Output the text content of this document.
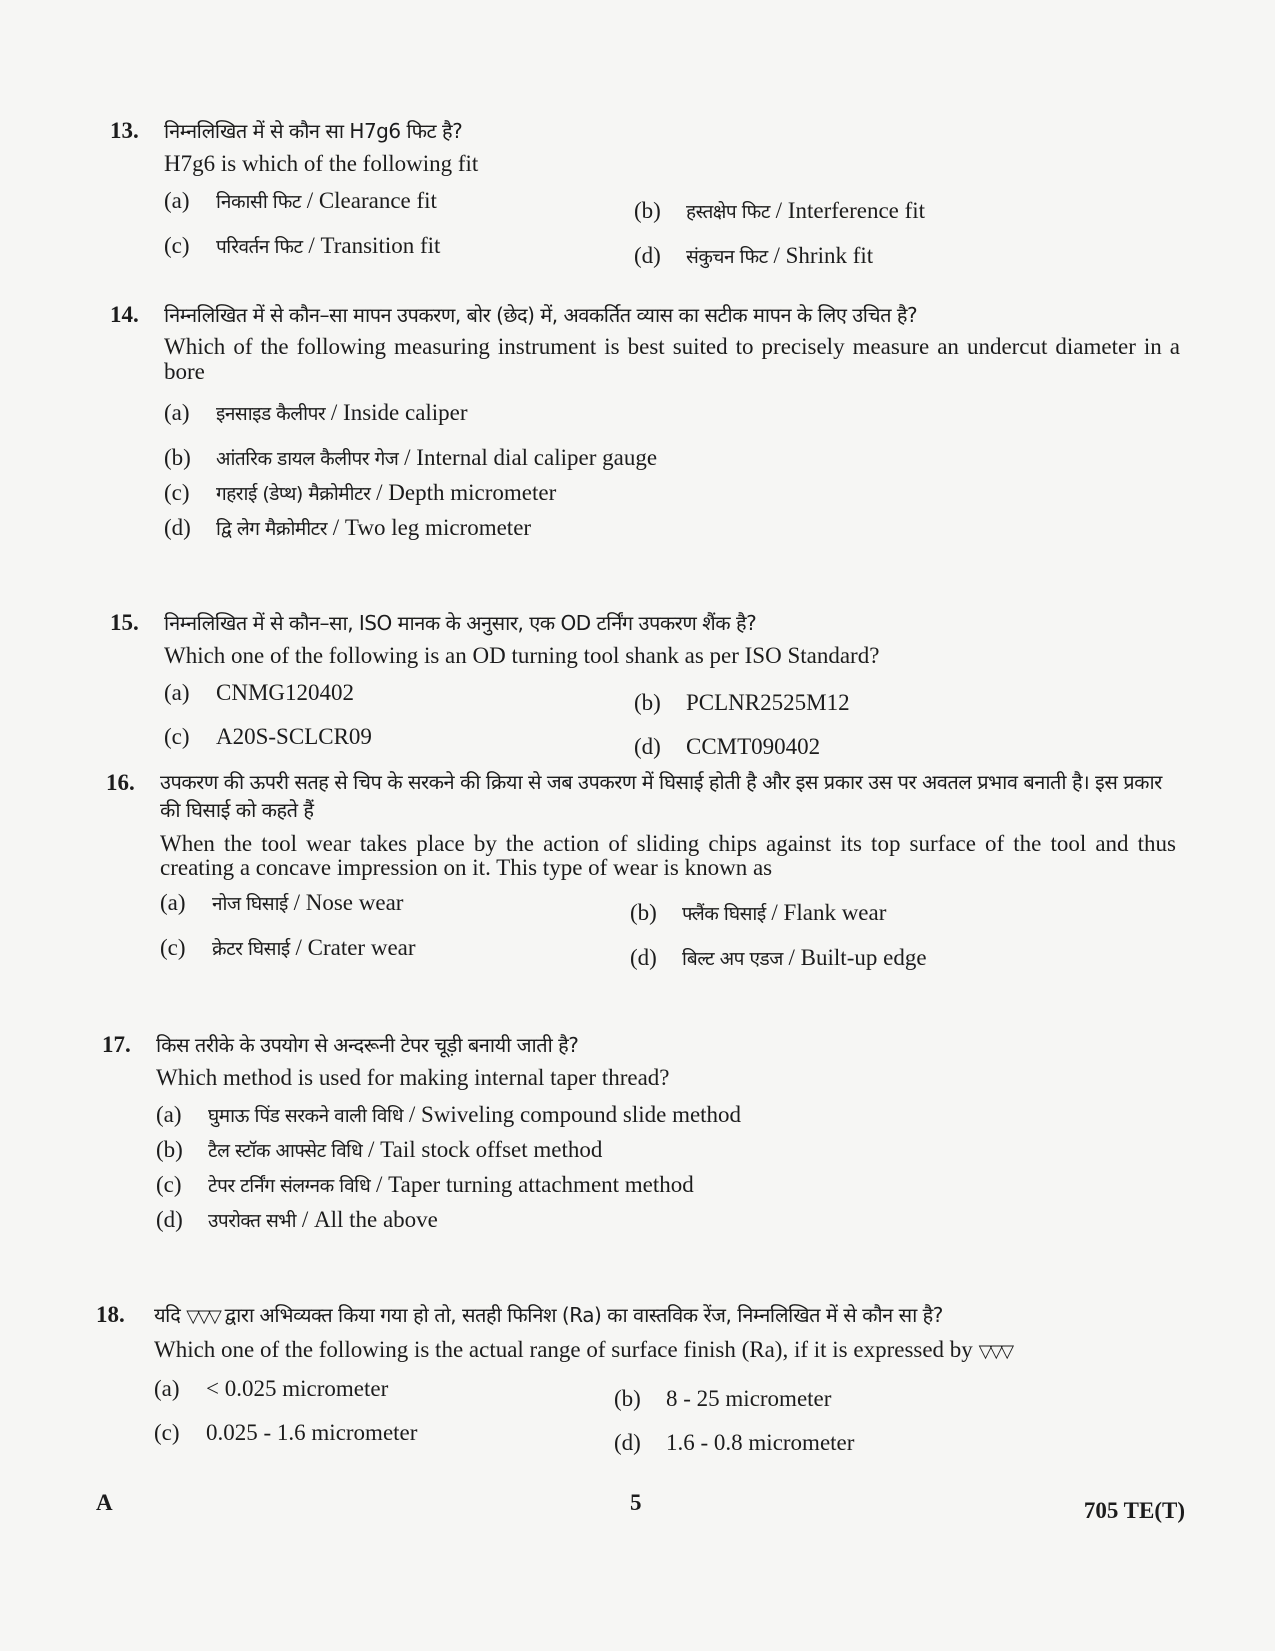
13. निम्नलिखित में से कौन सा H7g6 फिट है?
H7g6 is which of the following fit
(a)	निकासी फिट / Clearance fit	(b)	हस्तक्षेप फिट / Interference fit
(c)	परिवर्तन फिट / Transition fit	(d)	संकुचन फिट / Shrink fit
14. निम्नलिखित में से कौन–सा मापन उपकरण, बोर (छेद) में, अवकर्तित व्यास का सटीक मापन के लिए उचित है?
Which of the following measuring instrument is best suited to precisely measure an undercut diameter in a bore
(a)	इनसाइड कैलीपर / Inside caliper
(b)	आंतरिक डायल कैलीपर गेज / Internal dial caliper gauge
(c)	गहराई (डेप्थ) मैक्रोमीटर / Depth micrometer
(d)	द्वि लेग मैक्रोमीटर / Two leg micrometer
15. निम्नलिखित में से कौन–सा, ISO मानक के अनुसार, एक OD टर्निंग उपकरण शैंक है?
Which one of the following is an OD turning tool shank as per ISO Standard?
(a)	CNMG120402	(b)	PCLNR2525M12
(c)	A20S-SCLCR09	(d)	CCMT090402
16. उपकरण की ऊपरी सतह से चिप के सरकने की क्रिया से जब उपकरण में घिसाई होती है और इस प्रकार उस पर अवतल प्रभाव बनाती है। इस प्रकार की घिसाई को कहते हैं
When the tool wear takes place by the action of sliding chips against its top surface of the tool and thus creating a concave impression on it. This type of wear is known as
(a)	नोज घिसाई / Nose wear	(b)	फ्लैंक घिसाई / Flank wear
(c)	क्रेटर घिसाई / Crater wear	(d)	बिल्ट अप एडज / Built-up edge
17. किस तरीके के उपयोग से अन्दरूनी टेपर चूड़ी बनायी जाती है?
Which method is used for making internal taper thread?
(a)	घुमाऊ पिंड सरकने वाली विधि / Swiveling compound slide method
(b)	टैल स्टॉक आफ्सेट विधि / Tail stock offset method
(c)	टेपर टर्निंग संलग्नक विधि / Taper turning attachment method
(d)	उपरोक्त सभी / All the above
18. यदि ▽▽▽ द्वारा अभिव्यक्त किया गया हो तो, सतही फिनिश (Ra) का वास्तविक रेंज, निम्नलिखित में से कौन सा है?
Which one of the following is the actual range of surface finish (Ra), if it is expressed by ▽▽▽
(a)	< 0.025 micrometer	(b)	8 - 25 micrometer
(c)	0.025 - 1.6 micrometer	(d)	1.6 - 0.8 micrometer
A	5	705 TE(T)
